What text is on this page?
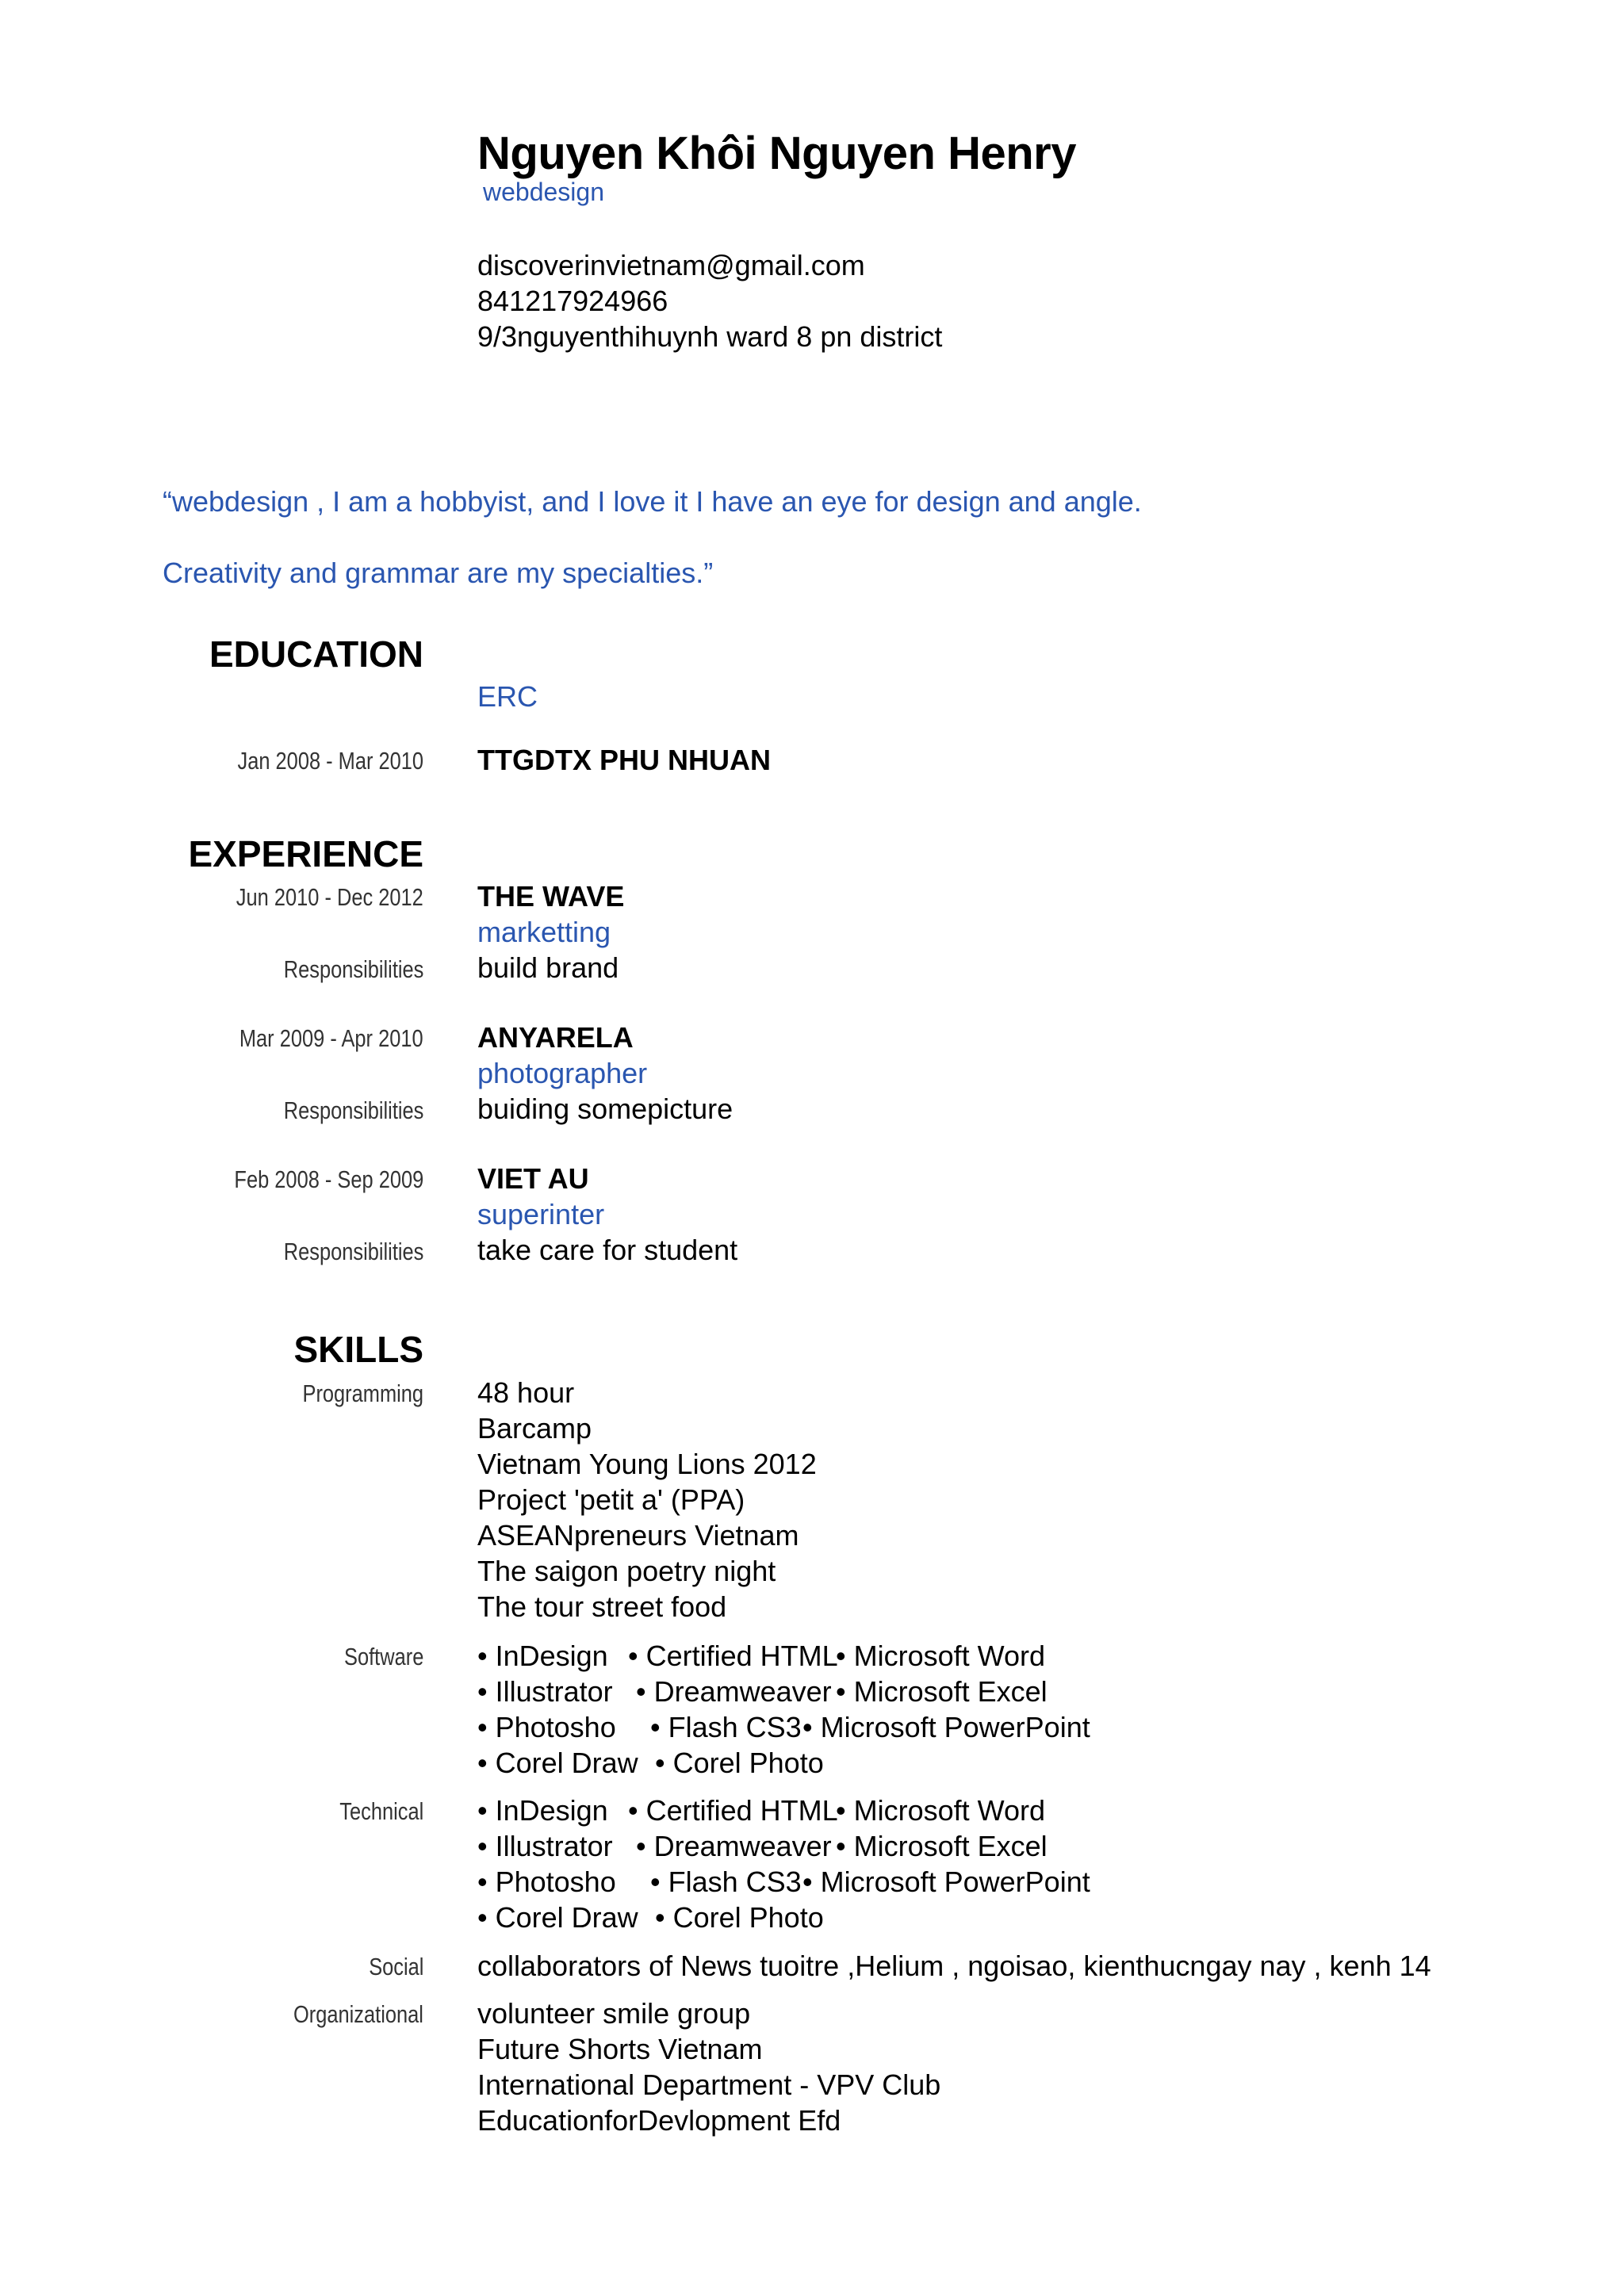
Nguyen Khôi Nguyen Henry
webdesign
discoverinvietnam@gmail.com
841217924966
9/3nguyenthihuynh ward 8 pn district
“webdesign , I am a hobbyist, and I love it I have an eye for design and angle.
Creativity and grammar are my specialties.”
EDUCATION
ERC
Jan 2008 - Mar 2010 TTGDTX PHU NHUAN
EXPERIENCE
Jun 2010 - Dec 2012 THE WAVE
marketting
Responsibilities build brand
Mar 2009 - Apr 2010 ANYARELA
photographer
Responsibilities buiding somepicture
Feb 2008 - Sep 2009 VIET AU
superinter
Responsibilities take care for student
SKILLS
Programming 48 hour
Barcamp
Vietnam Young Lions 2012
Project 'petit a' (PPA)
ASEANpreneurs Vietnam
The saigon poetry night
The tour street food
Software • InDesign • Certified HTML• Microsoft Word
• Illustrator • Dreamweaver • Microsoft Excel
• Photosho • Flash CS3• Microsoft PowerPoint
• Corel Draw • Corel Photo
Technical • InDesign • Certified HTML• Microsoft Word
• Illustrator • Dreamweaver • Microsoft Excel
• Photosho • Flash CS3• Microsoft PowerPoint
• Corel Draw • Corel Photo
Social collaborators of News tuoitre ,Helium , ngoisao, kienthucngay nay , kenh 14
Organizational volunteer smile group
Future Shorts Vietnam
International Department - VPV Club
EducationforDevlopment Efd
